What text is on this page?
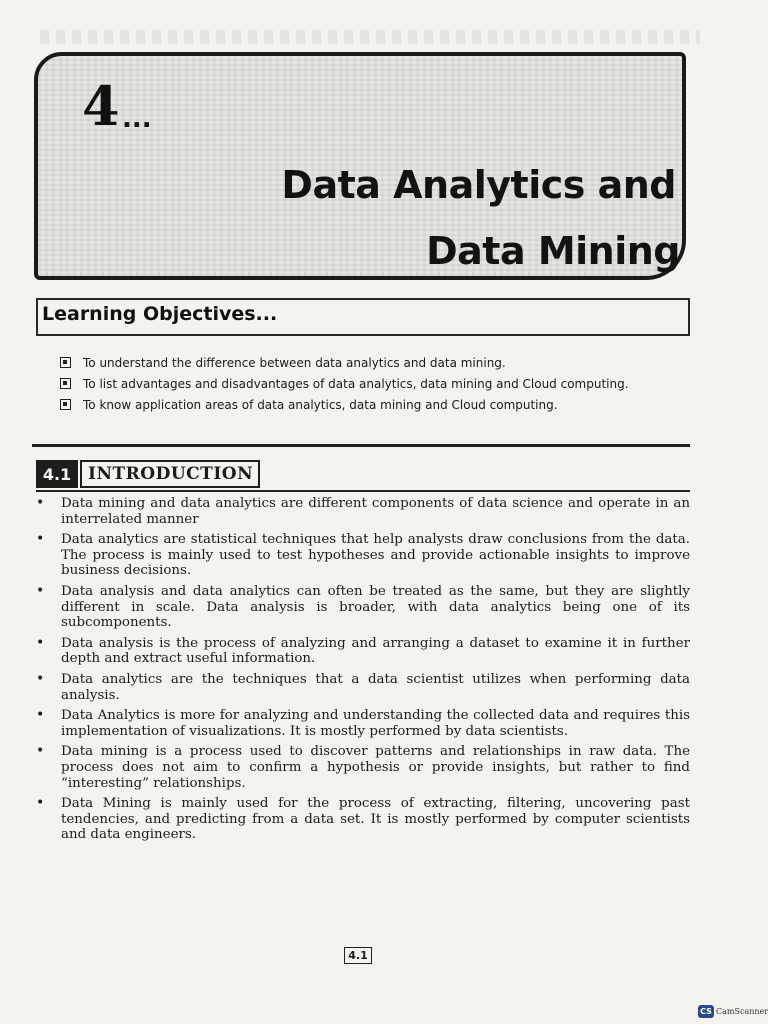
4 ...
Data Analytics and
Data Mining
Learning Objectives...
To understand the difference between data analytics and data mining.
To list advantages and disadvantages of data analytics, data mining and Cloud computing.
To know application areas of data analytics, data mining and Cloud computing.
4.1 INTRODUCTION
• Data mining and data analytics are different components of data science and operate in an interrelated manner
• Data analytics are statistical techniques that help analysts draw conclusions from the data. The process is mainly used to test hypotheses and provide actionable insights to improve business decisions.
• Data analysis and data analytics can often be treated as the same, but they are slightly different in scale. Data analysis is broader, with data analytics being one of its subcomponents.
• Data analysis is the process of analyzing and arranging a dataset to examine it in further depth and extract useful information.
• Data analytics are the techniques that a data scientist utilizes when performing data analysis.
• Data Analytics is more for analyzing and understanding the collected data and requires this implementation of visualizations. It is mostly performed by data scientists.
• Data mining is a process used to discover patterns and relationships in raw data. The process does not aim to confirm a hypothesis or provide insights, but rather to find “interesting” relationships.
• Data Mining is mainly used for the process of extracting, filtering, uncovering past tendencies, and predicting from a data set. It is mostly performed by computer scientists and data engineers.
4.1
CS CamScanner
